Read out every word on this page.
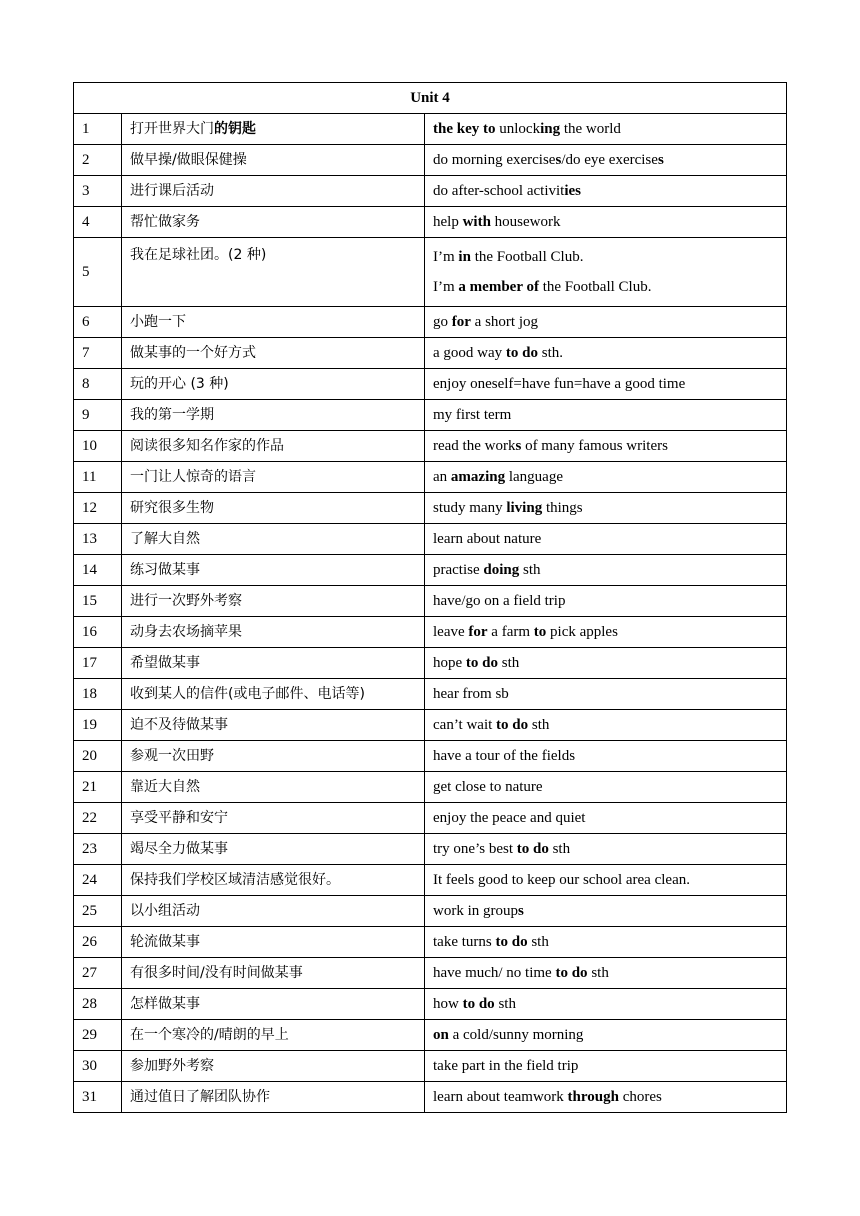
Unit 4		
1	打开世界大门的钥匙	the key to unlocking the world

2	做早操/做眼保健操	do morning exercises/do eye exercises

3	进行课后活动	do after-school activities

4	帮忙做家务	help with housework

5	我在足球社团。(2 种)	I’m in the Football Club.
I’m a member of the Football Club.

6	小跑一下	go for a short jog

7	做某事的一个好方式	a good way to do sth.

8	玩的开心 (3 种)	enjoy oneself=have fun=have a good time

9	我的第一学期	my first term

10	阅读很多知名作家的作品	read the works of many famous writers

11	一门让人惊奇的语言	an amazing language

12	研究很多生物	study many living things

13	了解大自然	learn about nature

14	练习做某事	practise doing sth

15	进行一次野外考察	have/go on a field trip

16	动身去农场摘苹果	leave for a farm to pick apples

17	希望做某事	hope to do sth

18	收到某人的信件(或电子邮件、电话等)	hear from sb

19	迫不及待做某事	can’t wait to do sth

20	参观一次田野	have a tour of the fields

21	靠近大自然	get close to nature

22	享受平静和安宁	enjoy the peace and quiet

23	竭尽全力做某事	try one’s best to do sth

24	保持我们学校区域清洁感觉很好。	It feels good to keep our school area clean.

25	以小组活动	work in groups

26	轮流做某事	take turns to do sth

27	有很多时间/没有时间做某事	have much/ no time to do sth

28	怎样做某事	how to do sth

29	在一个寒冷的/晴朗的早上	on a cold/sunny morning

30	参加野外考察	take part in the field trip

31	通过值日了解团队协作	learn about teamwork through chores
